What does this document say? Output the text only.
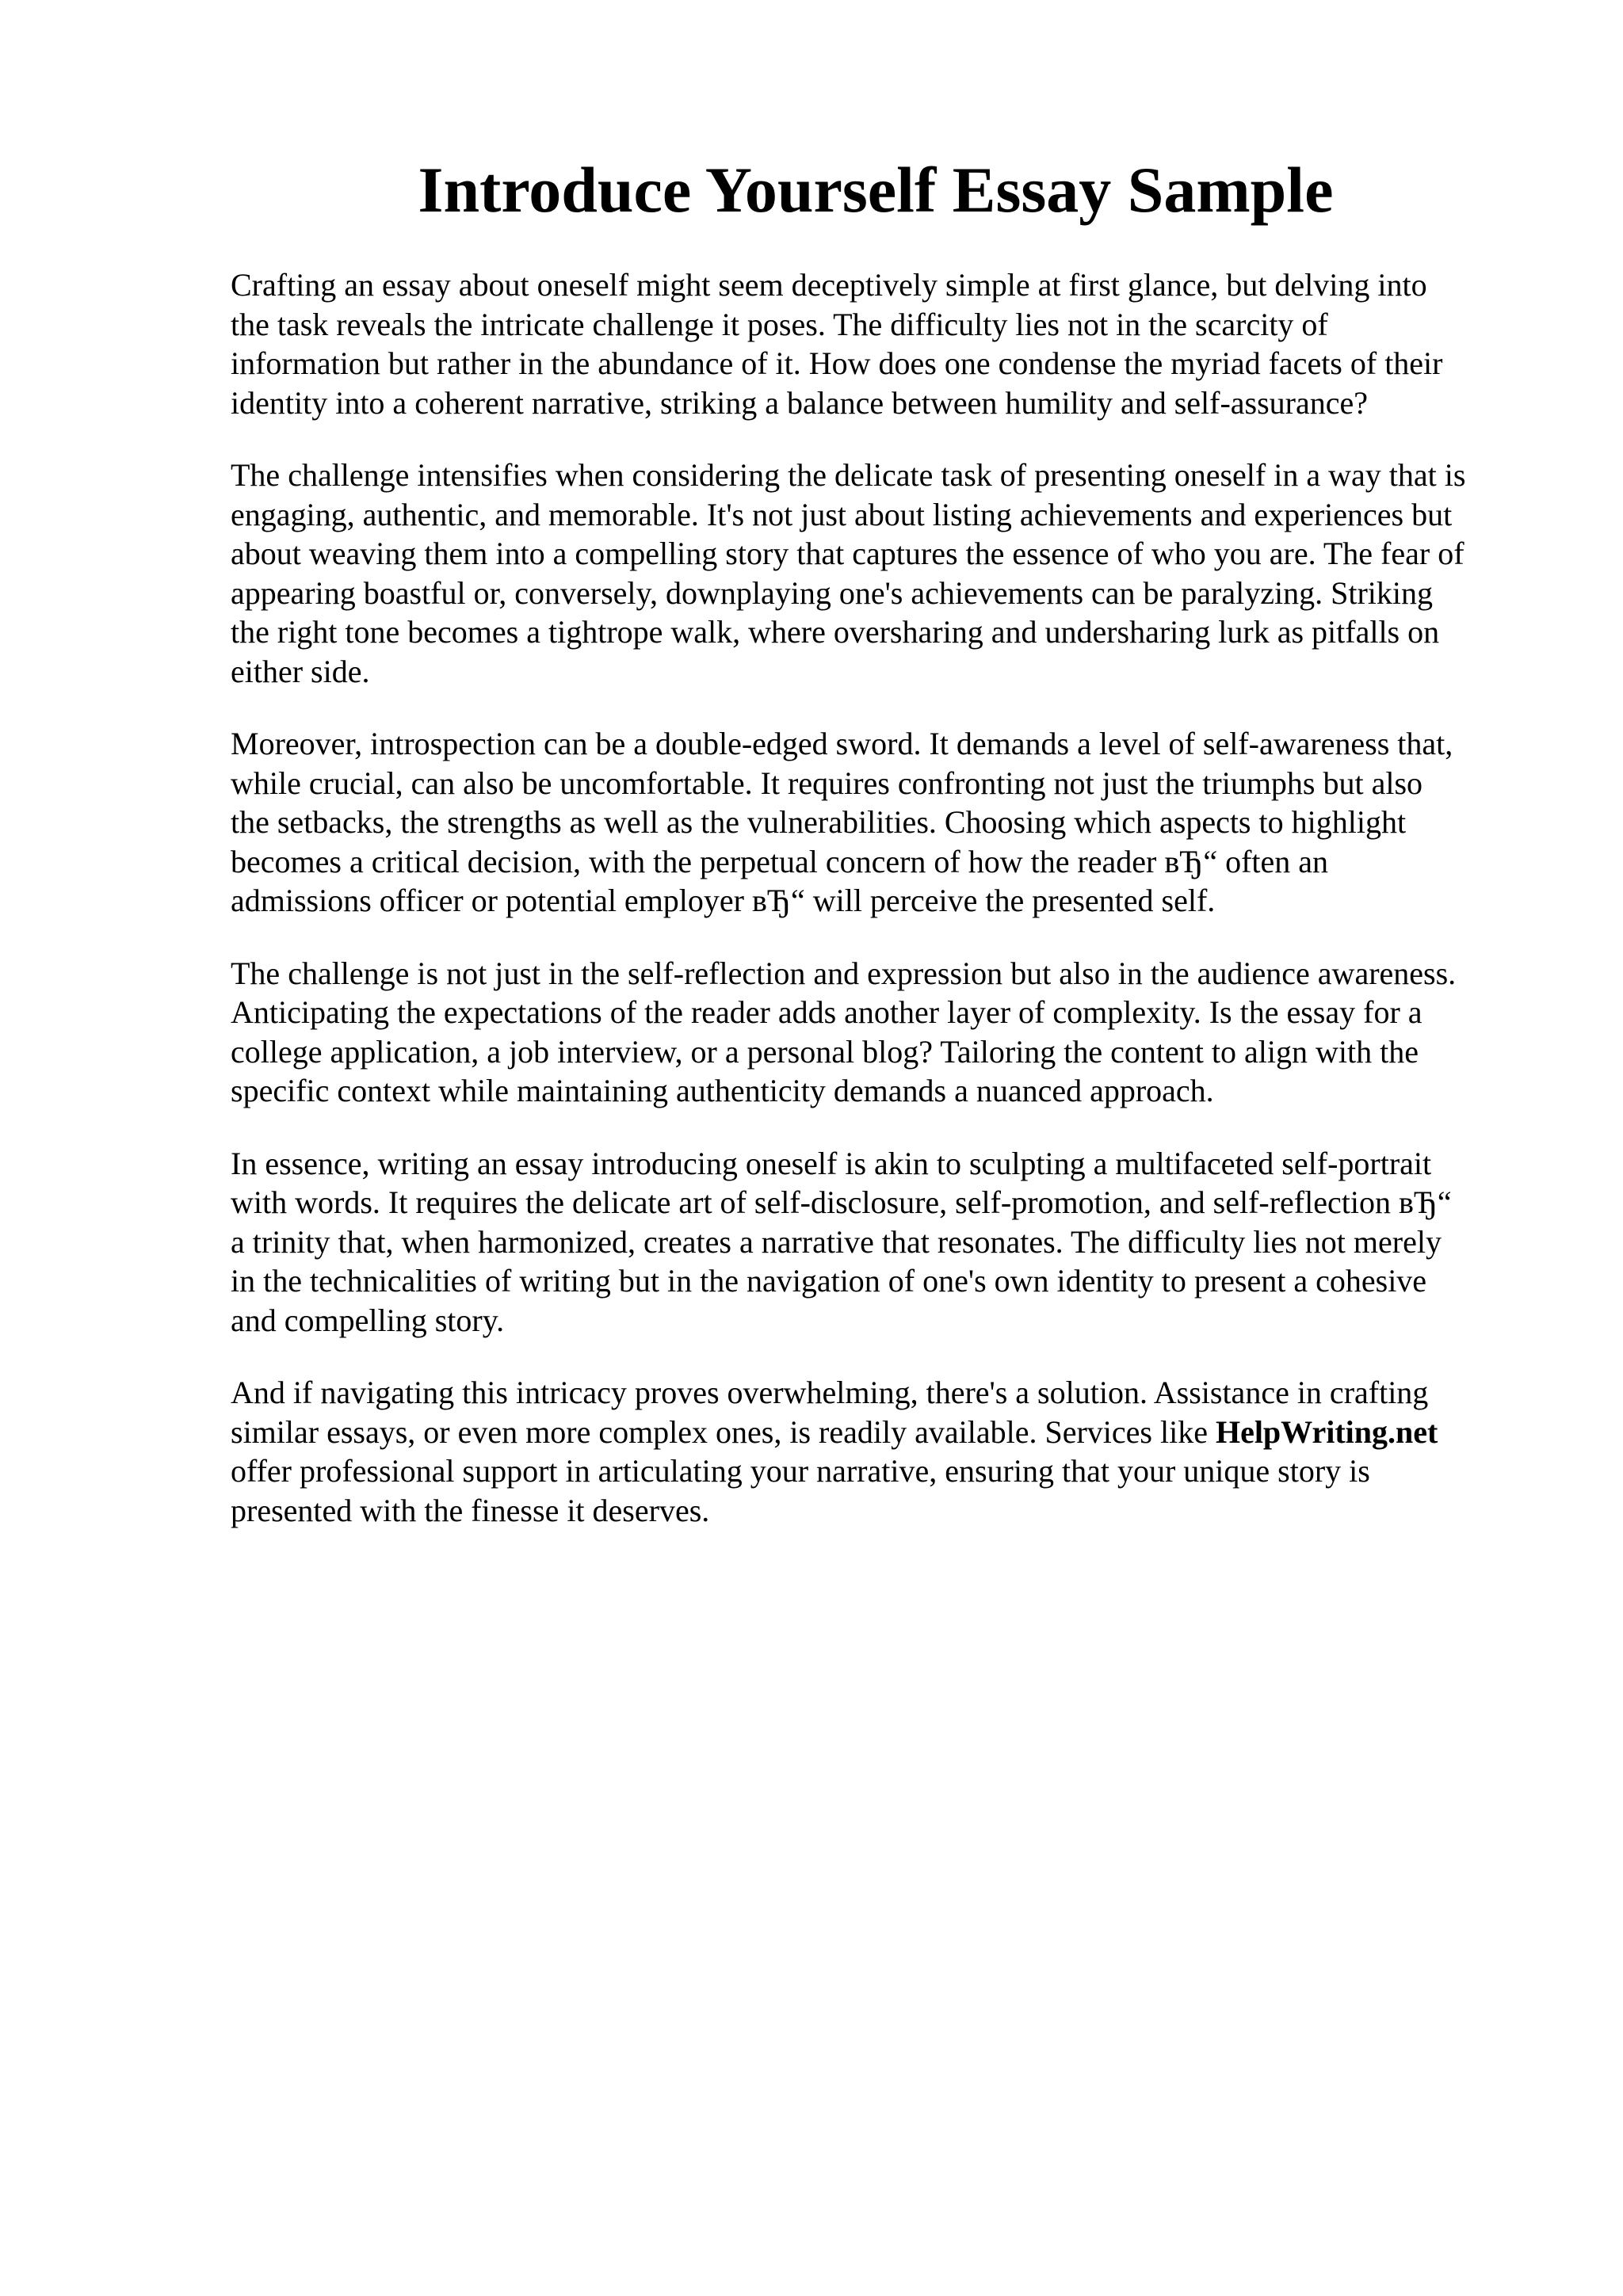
Introduce Yourself Essay Sample

Crafting an essay about oneself might seem deceptively simple at first glance, but delving into
the task reveals the intricate challenge it poses. The difficulty lies not in the scarcity of
information but rather in the abundance of it. How does one condense the myriad facets of their
identity into a coherent narrative, striking a balance between humility and self-assurance?

The challenge intensifies when considering the delicate task of presenting oneself in a way that is
engaging, authentic, and memorable. It's not just about listing achievements and experiences but
about weaving them into a compelling story that captures the essence of who you are. The fear of
appearing boastful or, conversely, downplaying one's achievements can be paralyzing. Striking
the right tone becomes a tightrope walk, where oversharing and undersharing lurk as pitfalls on
either side.

Moreover, introspection can be a double-edged sword. It demands a level of self-awareness that,
while crucial, can also be uncomfortable. It requires confronting not just the triumphs but also
the setbacks, the strengths as well as the vulnerabilities. Choosing which aspects to highlight
becomes a critical decision, with the perpetual concern of how the reader вЂ“ often an
admissions officer or potential employer вЂ“ will perceive the presented self.

The challenge is not just in the self-reflection and expression but also in the audience awareness.
Anticipating the expectations of the reader adds another layer of complexity. Is the essay for a
college application, a job interview, or a personal blog? Tailoring the content to align with the
specific context while maintaining authenticity demands a nuanced approach.

In essence, writing an essay introducing oneself is akin to sculpting a multifaceted self-portrait
with words. It requires the delicate art of self-disclosure, self-promotion, and self-reflection вЂ“
a trinity that, when harmonized, creates a narrative that resonates. The difficulty lies not merely
in the technicalities of writing but in the navigation of one's own identity to present a cohesive
and compelling story.

And if navigating this intricacy proves overwhelming, there's a solution. Assistance in crafting
similar essays, or even more complex ones, is readily available. Services like HelpWriting.net
offer professional support in articulating your narrative, ensuring that your unique story is
presented with the finesse it deserves.
